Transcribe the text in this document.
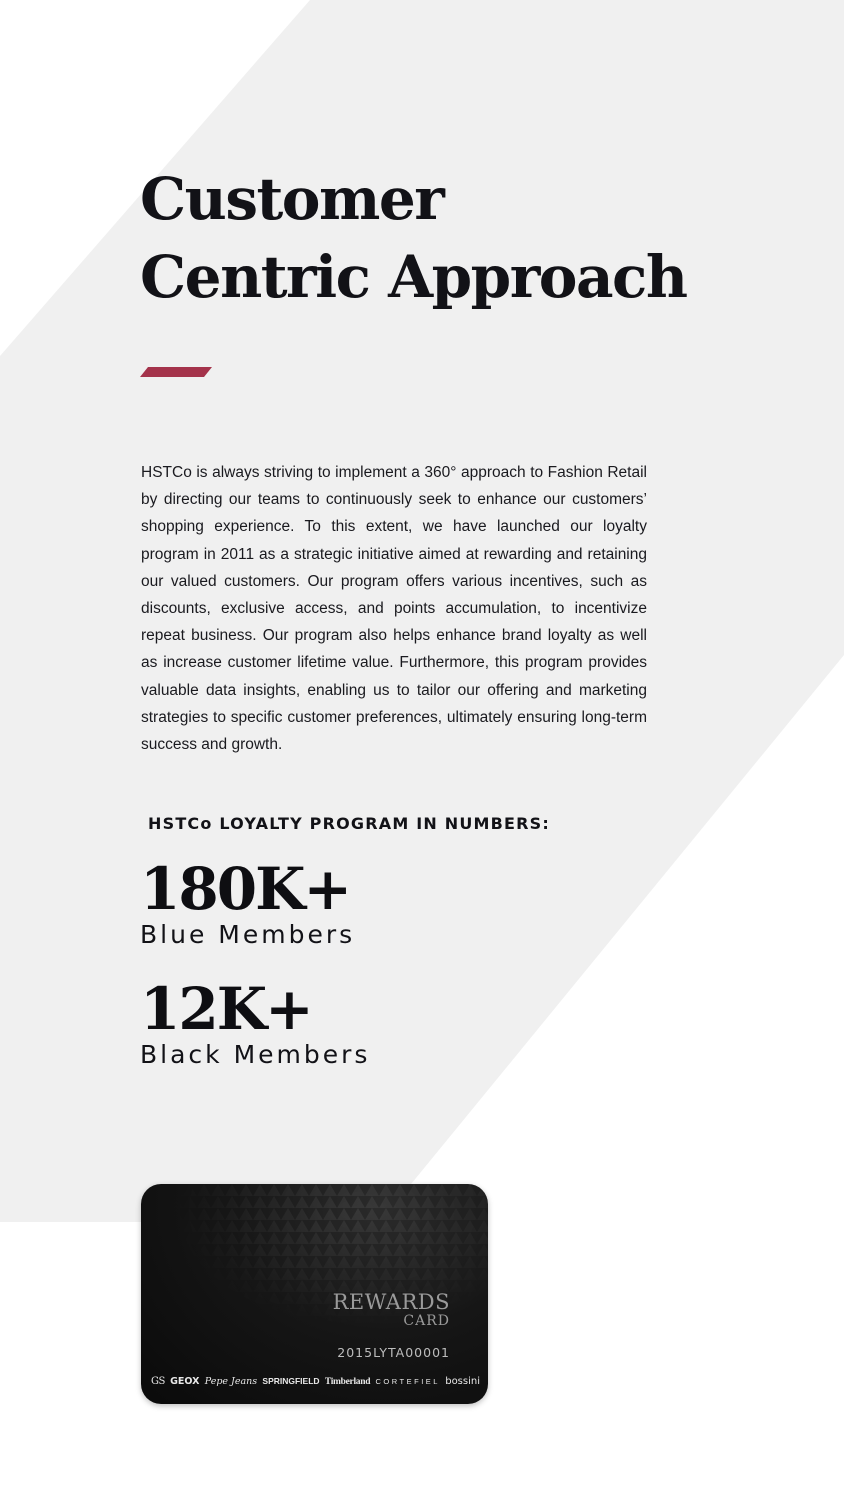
Customer
Centric Approach

HSTCo is always striving to implement a 360° approach to Fashion Retail by directing our teams to continuously seek to enhance our customers’ shopping experience. To this extent, we have launched our loyalty program in 2011 as a strategic initiative aimed at rewarding and retaining our valued customers. Our program offers various incentives, such as discounts, exclusive access, and points accumulation, to incentivize repeat business. Our program also helps enhance brand loyalty as well as increase customer lifetime value. Furthermore, this program provides valuable data insights, enabling us to tailor our offering and marketing strategies to specific customer preferences, ultimately ensuring long-term success and growth.

HSTCo LOYALTY PROGRAM IN NUMBERS:
180K+
Blue Members
12K+
Black Members
REWARDS
CARD
2015LYTA00001
GS GEOX Pepe Jeans SPRINGFIELD Timberland CORTEFIEL bossini
